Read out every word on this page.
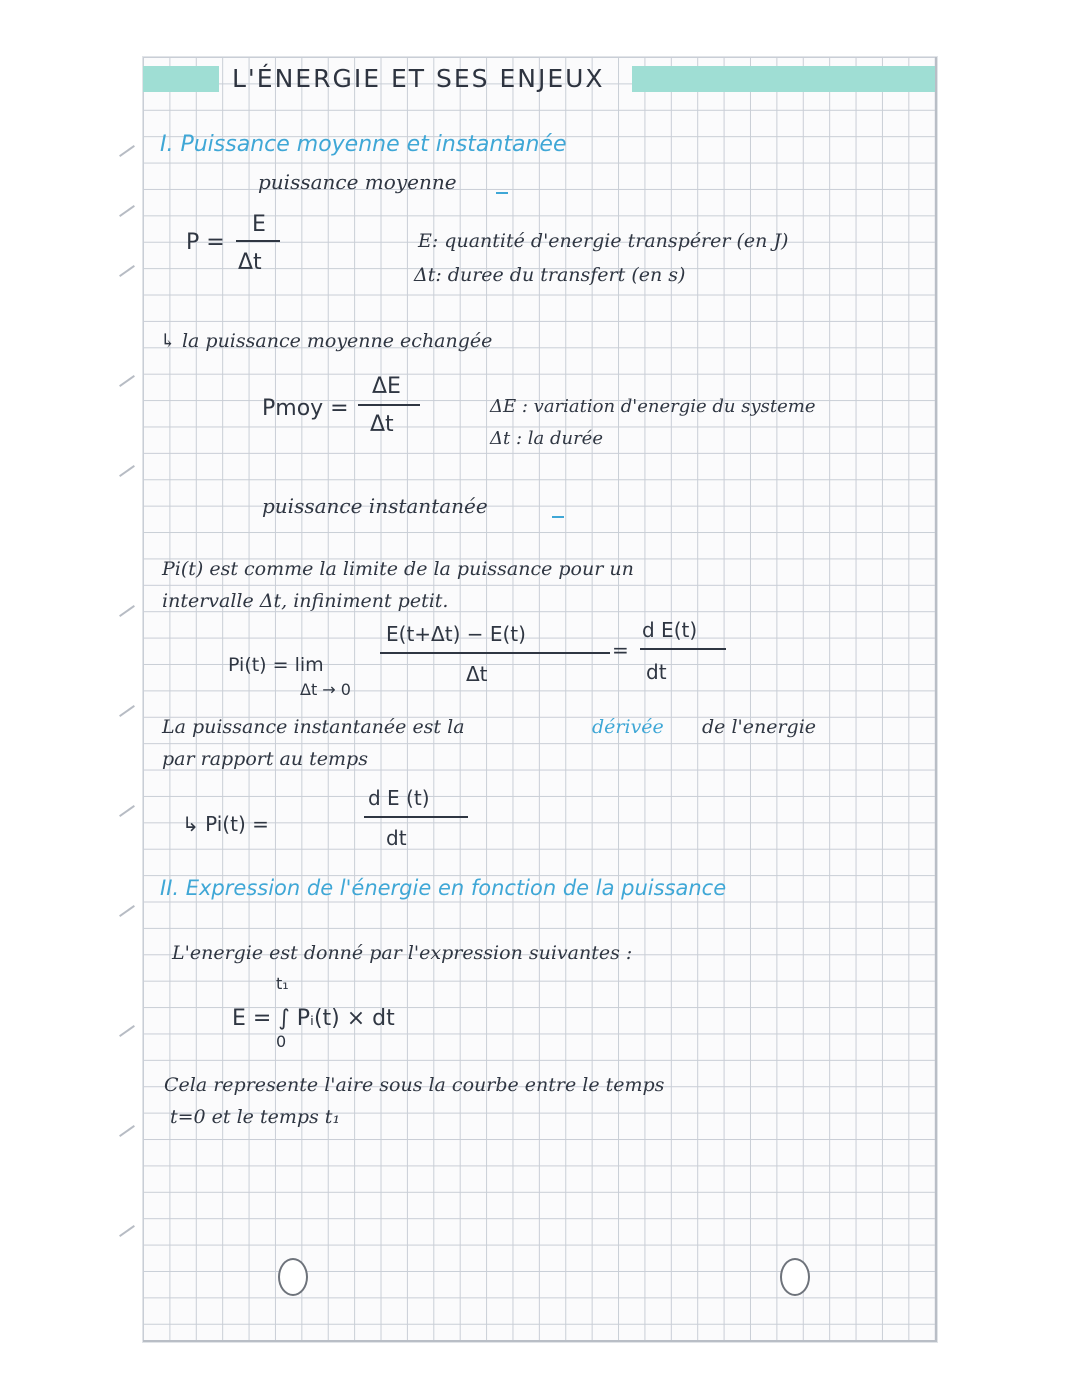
L'ÉNERGIE ET SES ENJEUX
I. Puissance moyenne et instantanée
puissance moyenne
P =
E
Δt
E: quantité d'energie transpérer (en J)
Δt: duree du transfert (en s)
↳ la puissance moyenne echangée
Pmoy =
ΔE
Δt
ΔE : variation d'energie du systeme
Δt : la durée
puissance instantanée
Pi(t) est comme la limite de la puissance pour un
intervalle Δt, infiniment petit.
E(t+Δt) − E(t)
Δt
=
d E(t)
dt
Pi(t) = lim
Δt → 0
La puissance instantanée est la	dérivée de l'energie
par rapport au temps
d E (t)
dt
↳ Pi(t) =
II. Expression de l'énergie en fonction de la puissance
L'energie est donné par l'expression suivantes :
t₁
E = ∫ Pᵢ(t) × dt
0
Cela represente l'aire sous la courbe entre le temps
t=0 et le temps t₁
